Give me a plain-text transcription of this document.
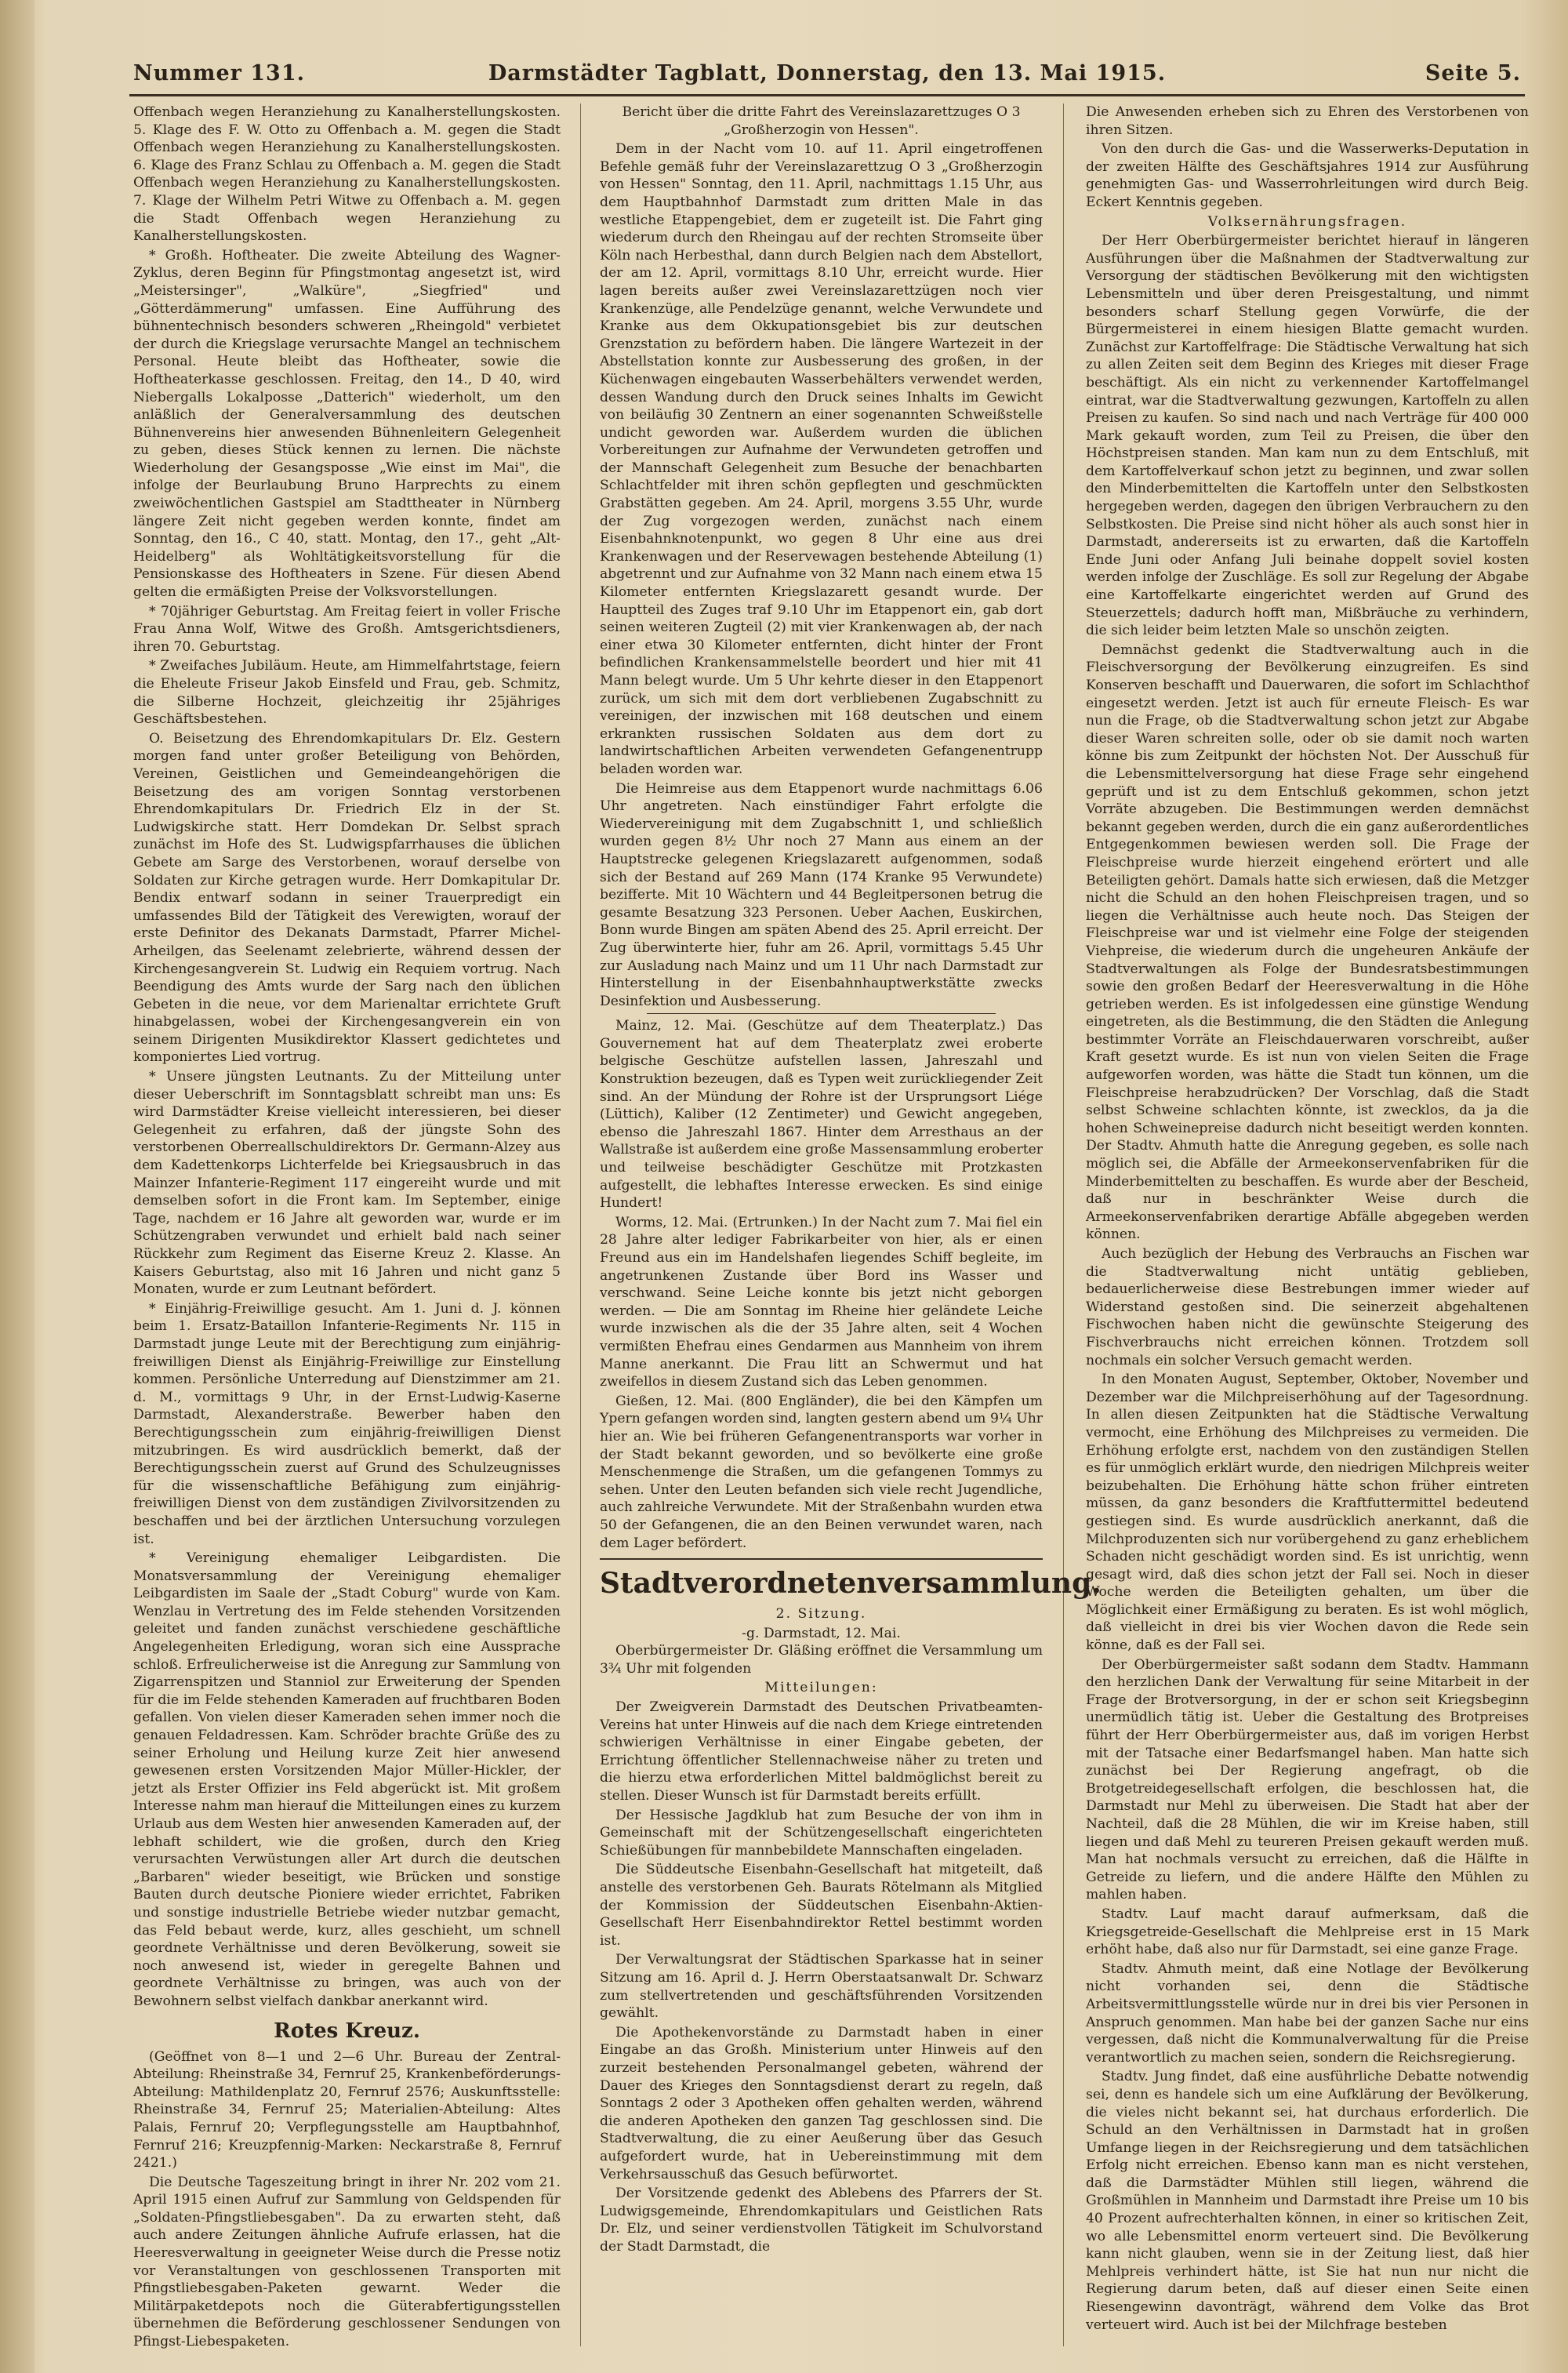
Nummer 131.	Darmstädter Tagblatt, Donnerstag, den 13. Mai 1915.	Seite 5.

Offenbach wegen Heranziehung zu Kanalherstellungskosten. 5. Klage des F. W. Otto zu Offenbach a. M. gegen die Stadt Offenbach wegen Heranziehung zu Kanalherstellungskosten. 6. Klage des Franz Schlau zu Offenbach a. M. gegen die Stadt Offenbach wegen Heranziehung zu Kanalherstellungskosten. 7. Klage der Wilhelm Petri Witwe zu Offenbach a. M. gegen die Stadt Offenbach wegen Heranziehung zu Kanalherstellungskosten.

* Großh. Hoftheater. Die zweite Abteilung des Wagner-Zyklus, deren Beginn für Pfingstmontag angesetzt ist, wird „Meistersinger", „Walküre", „Siegfried" und „Götterdämmerung" umfassen. Eine Aufführung des bühnentechnisch besonders schweren „Rheingold" verbietet der durch die Kriegslage verursachte Mangel an technischem Personal. Heute bleibt das Hoftheater, sowie die Hoftheaterkasse geschlossen. Freitag, den 14., D 40, wird Niebergalls Lokalposse „Datterich" wiederholt, um den anläßlich der Generalversammlung des deutschen Bühnenvereins hier anwesenden Bühnenleitern Gelegenheit zu geben, dieses Stück kennen zu lernen. Die nächste Wiederholung der Gesangsposse „Wie einst im Mai", die infolge der Beurlaubung Bruno Harprechts zu einem zweiwöchentlichen Gastspiel am Stadttheater in Nürnberg längere Zeit nicht gegeben werden konnte, findet am Sonntag, den 16., C 40, statt. Montag, den 17., geht „Alt-Heidelberg" als Wohltätigkeitsvorstellung für die Pensionskasse des Hoftheaters in Szene. Für diesen Abend gelten die ermäßigten Preise der Volksvorstellungen.

* 70jähriger Geburtstag. Am Freitag feiert in voller Frische Frau Anna Wolf, Witwe des Großh. Amtsgerichtsdieners, ihren 70. Geburtstag.

* Zweifaches Jubiläum. Heute, am Himmelfahrtstage, feiern die Eheleute Friseur Jakob Einsfeld und Frau, geb. Schmitz, die Silberne Hochzeit, gleichzeitig ihr 25jähriges Geschäftsbestehen.

O. Beisetzung des Ehrendomkapitulars Dr. Elz. Gestern morgen fand unter großer Beteiligung von Behörden, Vereinen, Geistlichen und Gemeindeangehörigen die Beisetzung des am vorigen Sonntag verstorbenen Ehrendomkapitulars Dr. Friedrich Elz in der St. Ludwigskirche statt. Herr Domdekan Dr. Selbst sprach zunächst im Hofe des St. Ludwigspfarrhauses die üblichen Gebete am Sarge des Verstorbenen, worauf derselbe von Soldaten zur Kirche getragen wurde. Herr Domkapitular Dr. Bendix entwarf sodann in seiner Trauerpredigt ein umfassendes Bild der Tätigkeit des Verewigten, worauf der erste Definitor des Dekanats Darmstadt, Pfarrer Michel-Arheilgen, das Seelenamt zelebrierte, während dessen der Kirchengesangverein St. Ludwig ein Requiem vortrug. Nach Beendigung des Amts wurde der Sarg nach den üblichen Gebeten in die neue, vor dem Marienaltar errichtete Gruft hinabgelassen, wobei der Kirchengesangverein ein von seinem Dirigenten Musikdirektor Klassert gedichtetes und komponiertes Lied vortrug.

* Unsere jüngsten Leutnants. Zu der Mitteilung unter dieser Ueberschrift im Sonntagsblatt schreibt man uns: Es wird Darmstädter Kreise vielleicht interessieren, bei dieser Gelegenheit zu erfahren, daß der jüngste Sohn des verstorbenen Oberreallschuldirektors Dr. Germann-Alzey aus dem Kadettenkorps Lichterfelde bei Kriegsausbruch in das Mainzer Infanterie-Regiment 117 eingereiht wurde und mit demselben sofort in die Front kam. Im September, einige Tage, nachdem er 16 Jahre alt geworden war, wurde er im Schützengraben verwundet und erhielt bald nach seiner Rückkehr zum Regiment das Eiserne Kreuz 2. Klasse. An Kaisers Geburtstag, also mit 16 Jahren und nicht ganz 5 Monaten, wurde er zum Leutnant befördert.

* Einjährig-Freiwillige gesucht. Am 1. Juni d. J. können beim 1. Ersatz-Bataillon Infanterie-Regiments Nr. 115 in Darmstadt junge Leute mit der Berechtigung zum einjährig-freiwilligen Dienst als Einjährig-Freiwillige zur Einstellung kommen. Persönliche Unterredung auf Dienstzimmer am 21. d. M., vormittags 9 Uhr, in der Ernst-Ludwig-Kaserne Darmstadt, Alexanderstraße. Bewerber haben den Berechtigungsschein zum einjährig-freiwilligen Dienst mitzubringen. Es wird ausdrücklich bemerkt, daß der Berechtigungsschein zuerst auf Grund des Schulzeugnisses für die wissenschaftliche Befähigung zum einjährig-freiwilligen Dienst von dem zuständigen Zivilvorsitzenden zu beschaffen und bei der ärztlichen Untersuchung vorzulegen ist.

* Vereinigung ehemaliger Leibgardisten. Die Monatsversammlung der Vereinigung ehemaliger Leibgardisten im Saale der „Stadt Coburg" wurde von Kam. Wenzlau in Vertretung des im Felde stehenden Vorsitzenden geleitet und fanden zunächst verschiedene geschäftliche Angelegenheiten Erledigung, woran sich eine Aussprache schloß. Erfreulicherweise ist die Anregung zur Sammlung von Zigarrenspitzen und Stanniol zur Erweiterung der Spenden für die im Felde stehenden Kameraden auf fruchtbaren Boden gefallen. Von vielen dieser Kameraden sehen immer noch die genauen Feldadressen. Kam. Schröder brachte Grüße des zu seiner Erholung und Heilung kurze Zeit hier anwesend gewesenen ersten Vorsitzenden Major Müller-Hickler, der jetzt als Erster Offizier ins Feld abgerückt ist. Mit großem Interesse nahm man hierauf die Mitteilungen eines zu kurzem Urlaub aus dem Westen hier anwesenden Kameraden auf, der lebhaft schildert, wie die großen, durch den Krieg verursachten Verwüstungen aller Art durch die deutschen „Barbaren" wieder beseitigt, wie Brücken und sonstige Bauten durch deutsche Pioniere wieder errichtet, Fabriken und sonstige industrielle Betriebe wieder nutzbar gemacht, das Feld bebaut werde, kurz, alles geschieht, um schnell geordnete Verhältnisse und deren Bevölkerung, soweit sie noch anwesend ist, wieder in geregelte Bahnen und geordnete Verhältnisse zu bringen, was auch von der Bewohnern selbst vielfach dankbar anerkannt wird.

Rotes Kreuz.

(Geöffnet von 8—1 und 2—6 Uhr. Bureau der Zentral-Abteilung: Rheinstraße 34, Fernruf 25, Krankenbeförderungs-Abteilung: Mathildenplatz 20, Fernruf 2576; Auskunftsstelle: Rheinstraße 34, Fernruf 25; Materialien-Abteilung: Altes Palais, Fernruf 20; Verpflegungsstelle am Hauptbahnhof, Fernruf 216; Kreuzpfennig-Marken: Neckarstraße 8, Fernruf 2421.)

Die Deutsche Tageszeitung bringt in ihrer Nr. 202 vom 21. April 1915 einen Aufruf zur Sammlung von Geldspenden für „Soldaten-Pfingstliebesgaben". Da zu erwarten steht, daß auch andere Zeitungen ähnliche Aufrufe erlassen, hat die Heeresverwaltung in geeigneter Weise durch die Presse notiz vor Veranstaltungen von geschlossenen Transporten mit Pfingstliebesgaben-Paketen gewarnt. Weder die Militärpaketdepots noch die Güterabfertigungsstellen übernehmen die Beförderung geschlossener Sendungen von Pfingst-Liebespaketen.

Bericht über die dritte Fahrt des Vereinslazarettzuges O 3 „Großherzogin von Hessen".

Dem in der Nacht vom 10. auf 11. April eingetroffenen Befehle gemäß fuhr der Vereinslazarettzug O 3 „Großherzogin von Hessen" Sonntag, den 11. April, nachmittags 1.15 Uhr, aus dem Hauptbahnhof Darmstadt zum dritten Male in das westliche Etappengebiet, dem er zugeteilt ist. Die Fahrt ging wiederum durch den Rheingau auf der rechten Stromseite über Köln nach Herbesthal, dann durch Belgien nach dem Abstellort, der am 12. April, vormittags 8.10 Uhr, erreicht wurde. Hier lagen bereits außer zwei Vereinslazarettzügen noch vier Krankenzüge, alle Pendelzüge genannt, welche Verwundete und Kranke aus dem Okkupationsgebiet bis zur deutschen Grenzstation zu befördern haben. Die längere Wartezeit in der Abstellstation konnte zur Ausbesserung des großen, in der Küchenwagen eingebauten Wasserbehälters verwendet werden, dessen Wandung durch den Druck seines Inhalts im Gewicht von beiläufig 30 Zentnern an einer sogenannten Schweißstelle undicht geworden war. Außerdem wurden die üblichen Vorbereitungen zur Aufnahme der Verwundeten getroffen und der Mannschaft Gelegenheit zum Besuche der benachbarten Schlachtfelder mit ihren schön gepflegten und geschmückten Grabstätten gegeben. Am 24. April, morgens 3.55 Uhr, wurde der Zug vorgezogen werden, zunächst nach einem Eisenbahnknotenpunkt, wo gegen 8 Uhr eine aus drei Krankenwagen und der Reservewagen bestehende Abteilung (1) abgetrennt und zur Aufnahme von 32 Mann nach einem etwa 15 Kilometer entfernten Kriegslazarett gesandt wurde. Der Hauptteil des Zuges traf 9.10 Uhr im Etappenort ein, gab dort seinen weiteren Zugteil (2) mit vier Krankenwagen ab, der nach einer etwa 30 Kilometer entfernten, dicht hinter der Front befindlichen Krankensammelstelle beordert und hier mit 41 Mann belegt wurde. Um 5 Uhr kehrte dieser in den Etappenort zurück, um sich mit dem dort verbliebenen Zugabschnitt zu vereinigen, der inzwischen mit 168 deutschen und einem erkrankten russischen Soldaten aus dem dort zu landwirtschaftlichen Arbeiten verwendeten Gefangenentrupp beladen worden war.

Die Heimreise aus dem Etappenort wurde nachmittags 6.06 Uhr angetreten. Nach einstündiger Fahrt erfolgte die Wiedervereinigung mit dem Zugabschnitt 1, und schließlich wurden gegen 8½ Uhr noch 27 Mann aus einem an der Hauptstrecke gelegenen Kriegslazarett aufgenommen, sodaß sich der Bestand auf 269 Mann (174 Kranke 95 Verwundete) bezifferte. Mit 10 Wächtern und 44 Begleitpersonen betrug die gesamte Besatzung 323 Personen. Ueber Aachen, Euskirchen, Bonn wurde Bingen am späten Abend des 25. April erreicht. Der Zug überwinterte hier, fuhr am 26. April, vormittags 5.45 Uhr zur Ausladung nach Mainz und um 11 Uhr nach Darmstadt zur Hinterstellung in der Eisenbahnhauptwerkstätte zwecks Desinfektion und Ausbesserung.

Mainz, 12. Mai. (Geschütze auf dem Theaterplatz.) Das Gouvernement hat auf dem Theaterplatz zwei eroberte belgische Geschütze aufstellen lassen, Jahreszahl und Konstruktion bezeugen, daß es Typen weit zurückliegender Zeit sind. An der Mündung der Rohre ist der Ursprungsort Liége (Lüttich), Kaliber (12 Zentimeter) und Gewicht angegeben, ebenso die Jahreszahl 1867. Hinter dem Arresthaus an der Wallstraße ist außerdem eine große Massensammlung eroberter und teilweise beschädigter Geschütze mit Protzkasten aufgestellt, die lebhaftes Interesse erwecken. Es sind einige Hundert!

Worms, 12. Mai. (Ertrunken.) In der Nacht zum 7. Mai fiel ein 28 Jahre alter lediger Fabrikarbeiter von hier, als er einen Freund aus ein im Handelshafen liegendes Schiff begleite, im angetrunkenen Zustande über Bord ins Wasser und verschwand. Seine Leiche konnte bis jetzt nicht geborgen werden. — Die am Sonntag im Rheine hier geländete Leiche wurde inzwischen als die der 35 Jahre alten, seit 4 Wochen vermißten Ehefrau eines Gendarmen aus Mannheim von ihrem Manne anerkannt. Die Frau litt an Schwermut und hat zweifellos in diesem Zustand sich das Leben genommen.

Gießen, 12. Mai. (800 Engländer), die bei den Kämpfen um Ypern gefangen worden sind, langten gestern abend um 9¼ Uhr hier an. Wie bei früheren Gefangenentransports war vorher in der Stadt bekannt geworden, und so bevölkerte eine große Menschenmenge die Straßen, um die gefangenen Tommys zu sehen. Unter den Leuten befanden sich viele recht Jugendliche, auch zahlreiche Verwundete. Mit der Straßenbahn wurden etwa 50 der Gefangenen, die an den Beinen verwundet waren, nach dem Lager befördert.

Stadtverordnetenversammlung.
2. Sitzung.
-g. Darmstadt, 12. Mai.

Oberbürgermeister Dr. Gläßing eröffnet die Versammlung um 3¾ Uhr mit folgenden

Mitteilungen:

Der Zweigverein Darmstadt des Deutschen Privatbeamten-Vereins hat unter Hinweis auf die nach dem Kriege eintretenden schwierigen Verhältnisse in einer Eingabe gebeten, der Errichtung öffentlicher Stellennachweise näher zu treten und die hierzu etwa erforderlichen Mittel baldmöglichst bereit zu stellen. Dieser Wunsch ist für Darmstadt bereits erfüllt.

Der Hessische Jagdklub hat zum Besuche der von ihm in Gemeinschaft mit der Schützengesellschaft eingerichteten Schießübungen für mannbebildete Mannschaften eingeladen.

Die Süddeutsche Eisenbahn-Gesellschaft hat mitgeteilt, daß anstelle des verstorbenen Geh. Baurats Rötelmann als Mitglied der Kommission der Süddeutschen Eisenbahn-Aktien-Gesellschaft Herr Eisenbahndirektor Rettel bestimmt worden ist.

Der Verwaltungsrat der Städtischen Sparkasse hat in seiner Sitzung am 16. April d. J. Herrn Oberstaatsanwalt Dr. Schwarz zum stellvertretenden und geschäftsführenden Vorsitzenden gewählt.

Die Apothekenvorstände zu Darmstadt haben in einer Eingabe an das Großh. Ministerium unter Hinweis auf den zurzeit bestehenden Personalmangel gebeten, während der Dauer des Krieges den Sonntagsdienst derart zu regeln, daß Sonntags 2 oder 3 Apotheken offen gehalten werden, während die anderen Apotheken den ganzen Tag geschlossen sind. Die Stadtverwaltung, die zu einer Aeußerung über das Gesuch aufgefordert wurde, hat in Uebereinstimmung mit dem Verkehrsausschuß das Gesuch befürwortet.

Der Vorsitzende gedenkt des Ablebens des Pfarrers der St. Ludwigsgemeinde, Ehrendomkapitulars und Geistlichen Rats Dr. Elz, und seiner verdienstvollen Tätigkeit im Schulvorstand der Stadt Darmstadt, die

Die Anwesenden erheben sich zu Ehren des Verstorbenen von ihren Sitzen.

Von den durch die Gas- und die Wasserwerks-Deputation in der zweiten Hälfte des Geschäftsjahres 1914 zur Ausführung genehmigten Gas- und Wasserrohrleitungen wird durch Beig. Eckert Kenntnis gegeben.

Volksernährungsfragen.

Der Herr Oberbürgermeister berichtet hierauf in längeren Ausführungen über die Maßnahmen der Stadtverwaltung zur Versorgung der städtischen Bevölkerung mit den wichtigsten Lebensmitteln und über deren Preisgestaltung, und nimmt besonders scharf Stellung gegen Vorwürfe, die der Bürgermeisterei in einem hiesigen Blatte gemacht wurden. Zunächst zur Kartoffelfrage: Die Städtische Verwaltung hat sich zu allen Zeiten seit dem Beginn des Krieges mit dieser Frage beschäftigt. Als ein nicht zu verkennender Kartoffelmangel eintrat, war die Stadtverwaltung gezwungen, Kartoffeln zu allen Preisen zu kaufen. So sind nach und nach Verträge für 400 000 Mark gekauft worden, zum Teil zu Preisen, die über den Höchstpreisen standen. Man kam nun zu dem Entschluß, mit dem Kartoffelverkauf schon jetzt zu beginnen, und zwar sollen den Minderbemittelten die Kartoffeln unter den Selbstkosten hergegeben werden, dagegen den übrigen Verbrauchern zu den Selbstkosten. Die Preise sind nicht höher als auch sonst hier in Darmstadt, andererseits ist zu erwarten, daß die Kartoffeln Ende Juni oder Anfang Juli beinahe doppelt soviel kosten werden infolge der Zuschläge. Es soll zur Regelung der Abgabe eine Kartoffelkarte eingerichtet werden auf Grund des Steuerzettels; dadurch hofft man, Mißbräuche zu verhindern, die sich leider beim letzten Male so unschön zeigten.

Demnächst gedenkt die Stadtverwaltung auch in die Fleischversorgung der Bevölkerung einzugreifen. Es sind Konserven beschafft und Dauerwaren, die sofort im Schlachthof eingesetzt werden. Jetzt ist auch für erneute Fleisch- Es war nun die Frage, ob die Stadtverwaltung schon jetzt zur Abgabe dieser Waren schreiten solle, oder ob sie damit noch warten könne bis zum Zeitpunkt der höchsten Not. Der Ausschuß für die Lebensmittelversorgung hat diese Frage sehr eingehend geprüft und ist zu dem Entschluß gekommen, schon jetzt Vorräte abzugeben. Die Bestimmungen werden demnächst bekannt gegeben werden, durch die ein ganz außerordentliches Entgegenkommen bewiesen werden soll. Die Frage der Fleischpreise wurde hierzeit eingehend erörtert und alle Beteiligten gehört. Damals hatte sich erwiesen, daß die Metzger nicht die Schuld an den hohen Fleischpreisen tragen, und so liegen die Verhältnisse auch heute noch. Das Steigen der Fleischpreise war und ist vielmehr eine Folge der steigenden Viehpreise, die wiederum durch die ungeheuren Ankäufe der Stadtverwaltungen als Folge der Bundesratsbestimmungen sowie den großen Bedarf der Heeresverwaltung in die Höhe getrieben werden. Es ist infolgedessen eine günstige Wendung eingetreten, als die Bestimmung, die den Städten die Anlegung bestimmter Vorräte an Fleischdauerwaren vorschreibt, außer Kraft gesetzt wurde. Es ist nun von vielen Seiten die Frage aufgeworfen worden, was hätte die Stadt tun können, um die Fleischpreise herabzudrücken? Der Vorschlag, daß die Stadt selbst Schweine schlachten könnte, ist zwecklos, da ja die hohen Schweinepreise dadurch nicht beseitigt werden konnten. Der Stadtv. Ahmuth hatte die Anregung gegeben, es solle nach möglich sei, die Abfälle der Armeekonservenfabriken für die Minderbemittelten zu beschaffen. Es wurde aber der Bescheid, daß nur in beschränkter Weise durch die Armeekonservenfabriken derartige Abfälle abgegeben werden können.

Auch bezüglich der Hebung des Verbrauchs an Fischen war die Stadtverwaltung nicht untätig geblieben, bedauerlicherweise diese Bestrebungen immer wieder auf Widerstand gestoßen sind. Die seinerzeit abgehaltenen Fischwochen haben nicht die gewünschte Steigerung des Fischverbrauchs nicht erreichen können. Trotzdem soll nochmals ein solcher Versuch gemacht werden.

In den Monaten August, September, Oktober, November und Dezember war die Milchpreiserhöhung auf der Tagesordnung. In allen diesen Zeitpunkten hat die Städtische Verwaltung vermocht, eine Erhöhung des Milchpreises zu vermeiden. Die Erhöhung erfolgte erst, nachdem von den zuständigen Stellen es für unmöglich erklärt wurde, den niedrigen Milchpreis weiter beizubehalten. Die Erhöhung hätte schon früher eintreten müssen, da ganz besonders die Kraftfuttermittel bedeutend gestiegen sind. Es wurde ausdrücklich anerkannt, daß die Milchproduzenten sich nur vorübergehend zu ganz erheblichem Schaden nicht geschädigt worden sind. Es ist unrichtig, wenn gesagt wird, daß dies schon jetzt der Fall sei. Noch in dieser Woche werden die Beteiligten gehalten, um über die Möglichkeit einer Ermäßigung zu beraten. Es ist wohl möglich, daß vielleicht in drei bis vier Wochen davon die Rede sein könne, daß es der Fall sei.

Der Oberbürgermeister saßt sodann dem Stadtv. Hammann den herzlichen Dank der Verwaltung für seine Mitarbeit in der Frage der Brotversorgung, in der er schon seit Kriegsbeginn unermüdlich tätig ist. Ueber die Gestaltung des Brotpreises führt der Herr Oberbürgermeister aus, daß im vorigen Herbst mit der Tatsache einer Bedarfsmangel haben. Man hatte sich zunächst bei Der Regierung angefragt, ob die Brotgetreidegesellschaft erfolgen, die beschlossen hat, die Darmstadt nur Mehl zu überweisen. Die Stadt hat aber der Nachteil, daß die 28 Mühlen, die wir im Kreise haben, still liegen und daß Mehl zu teureren Preisen gekauft werden muß. Man hat nochmals versucht zu erreichen, daß die Hälfte in Getreide zu liefern, und die andere Hälfte den Mühlen zu mahlen haben.

Stadtv. Lauf macht darauf aufmerksam, daß die Kriegsgetreide-Gesellschaft die Mehlpreise erst in 15 Mark erhöht habe, daß also nur für Darmstadt, sei eine ganze Frage.

Stadtv. Ahmuth meint, daß eine Notlage der Bevölkerung nicht vorhanden sei, denn die Städtische Arbeitsvermittlungsstelle würde nur in drei bis vier Personen in Anspruch genommen. Man habe bei der ganzen Sache nur eins vergessen, daß nicht die Kommunalverwaltung für die Preise verantwortlich zu machen seien, sondern die Reichsregierung.

Stadtv. Jung findet, daß eine ausführliche Debatte notwendig sei, denn es handele sich um eine Aufklärung der Bevölkerung, die vieles nicht bekannt sei, hat durchaus erforderlich. Die Schuld an den Verhältnissen in Darmstadt hat in großen Umfange liegen in der Reichsregierung und dem tatsächlichen Erfolg nicht erreichen. Ebenso kann man es nicht verstehen, daß die Darmstädter Mühlen still liegen, während die Großmühlen in Mannheim und Darmstadt ihre Preise um 10 bis 40 Prozent aufrechterhalten können, in einer so kritischen Zeit, wo alle Lebensmittel enorm verteuert sind. Die Bevölkerung kann nicht glauben, wenn sie in der Zeitung liest, daß hier Mehlpreis verhindert hätte, ist Sie hat nun nur nicht die Regierung darum beten, daß auf dieser einen Seite einen Riesengewinn davonträgt, während dem Volke das Brot verteuert wird. Auch ist bei der Milchfrage besteben
